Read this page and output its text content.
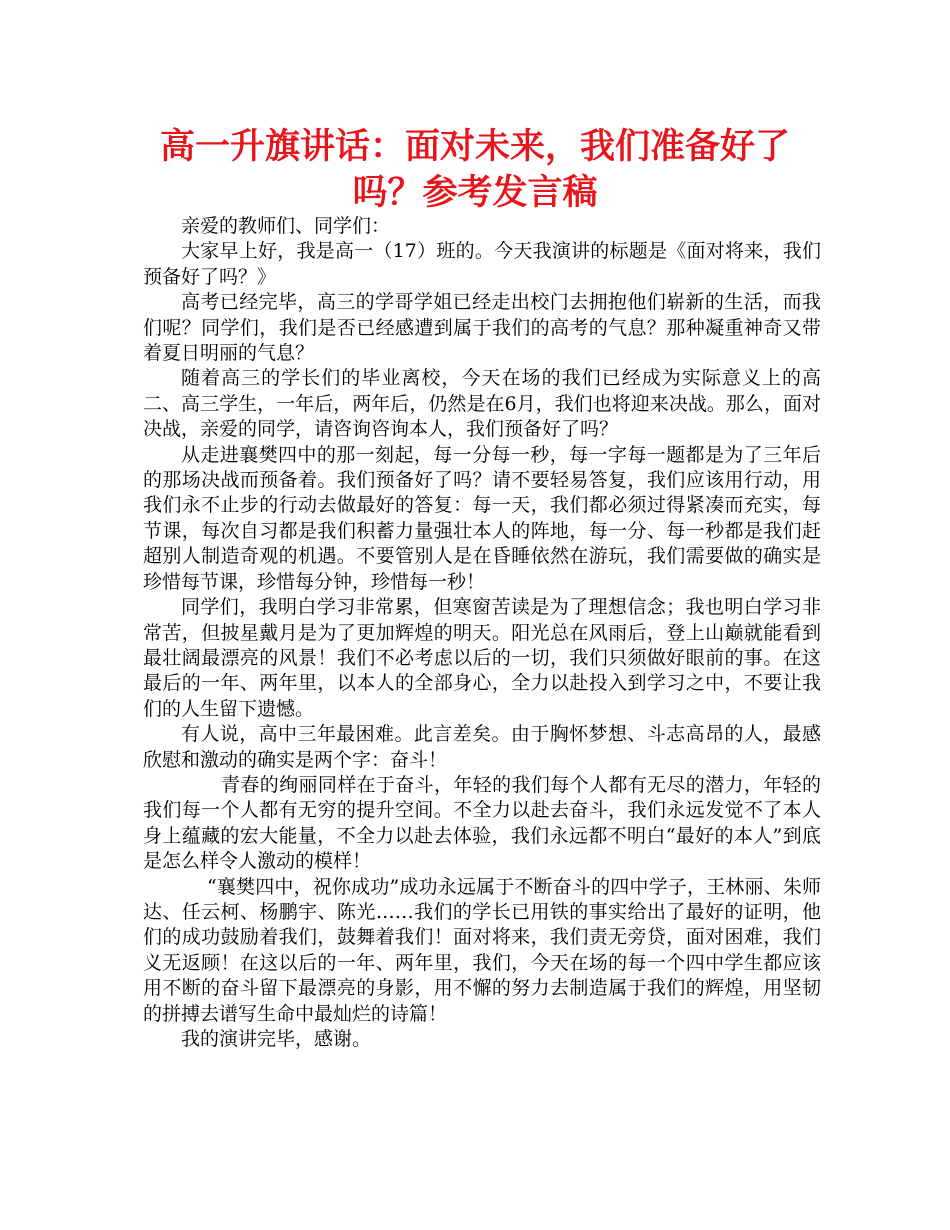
高一升旗讲话：面对未来，我们准备好了吗？参考发言稿

亲爱的教师们、同学们：

大家早上好，我是高一（17）班的。今天我演讲的标题是《面对将来，我们预备好了吗？》

高考已经完毕，高三的学哥学姐已经走出校门去拥抱他们崭新的生活，而我们呢？同学们，我们是否已经感遭到属于我们的高考的气息？那种凝重神奇又带着夏日明丽的气息？

随着高三的学长们的毕业离校，今天在场的我们已经成为实际意义上的高二、高三学生，一年后，两年后，仍然是在6月，我们也将迎来决战。那么，面对决战，亲爱的同学，请咨询咨询本人，我们预备好了吗？

从走进襄樊四中的那一刻起，每一分每一秒，每一字每一题都是为了三年后的那场决战而预备着。我们预备好了吗？请不要轻易答复，我们应该用行动，用我们永不止步的行动去做最好的答复：每一天，我们都必须过得紧凑而充实，每节课，每次自习都是我们积蓄力量强壮本人的阵地，每一分、每一秒都是我们赶超别人制造奇观的机遇。不要管别人是在昏睡依然在游玩，我们需要做的确实是珍惜每节课，珍惜每分钟，珍惜每一秒！

同学们，我明白学习非常累，但寒窗苦读是为了理想信念；我也明白学习非常苦，但披星戴月是为了更加辉煌的明天。阳光总在风雨后，登上山巅就能看到最壮阔最漂亮的风景！我们不必考虑以后的一切，我们只须做好眼前的事。在这最后的一年、两年里，以本人的全部身心，全力以赴投入到学习之中，不要让我们的人生留下遗憾。

有人说，高中三年最困难。此言差矣。由于胸怀梦想、斗志高昂的人，最感欣慰和激动的确实是两个字：奋斗！

青春的绚丽同样在于奋斗，年轻的我们每个人都有无尽的潜力，年轻的我们每一个人都有无穷的提升空间。不全力以赴去奋斗，我们永远发觉不了本人身上蕴藏的宏大能量，不全力以赴去体验，我们永远都不明白“最好的本人”到底是怎么样令人激动的模样！

“襄樊四中，祝你成功”成功永远属于不断奋斗的四中学子，王林丽、朱师达、任云柯、杨鹏宇、陈光……我们的学长已用铁的事实给出了最好的证明，他们的成功鼓励着我们，鼓舞着我们！面对将来，我们责无旁贷，面对困难，我们义无返顾！在这以后的一年、两年里，我们，今天在场的每一个四中学生都应该用不断的奋斗留下最漂亮的身影，用不懈的努力去制造属于我们的辉煌，用坚韧的拼搏去谱写生命中最灿烂的诗篇！

我的演讲完毕，感谢。
